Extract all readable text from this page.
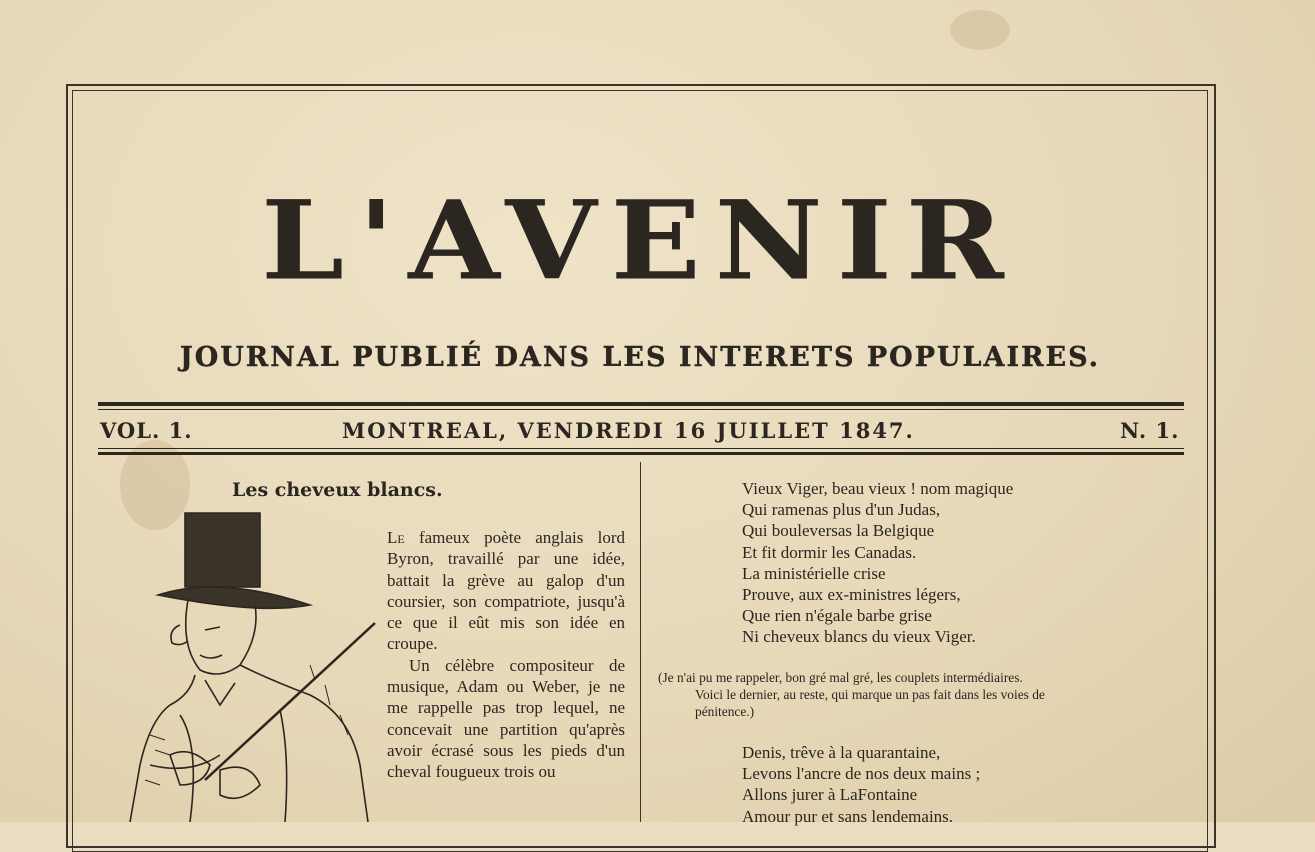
L'AVENIR
JOURNAL PUBLIÉ DANS LES INTERETS POPULAIRES.
VOL. 1.	MONTREAL, VENDREDI 16 JUILLET 1847.	N. 1.
Les cheveux blancs.

Le fameux poète anglais lord Byron, travaillé par une idée, battait la grève au galop d'un coursier, son compatriote, jusqu'à ce que il eût mis son idée en croupe.

Un célèbre compositeur de musique, Adam ou Weber, je ne me rappelle pas trop lequel, ne concevait une partition qu'après avoir écrasé sous les pieds d'un cheval fougueux trois ou

Vieux Viger, beau vieux ! nom magique
Qui ramenas plus d'un Judas,
Qui bouleversas la Belgique
Et fit dormir les Canadas.
La ministérielle crise
Prouve, aux ex-ministres légers,
Que rien n'égale barbe grise
Ni cheveux blancs du vieux Viger.
(Je n'ai pu me rappeler, bon gré mal gré, les couplets intermédiaires.
Voici le dernier, au reste, qui marque un pas fait dans les voies de
pénitence.)
Denis, trêve à la quarantaine,
Levons l'ancre de nos deux mains ;
Allons jurer à LaFontaine
Amour pur et sans lendemains.
